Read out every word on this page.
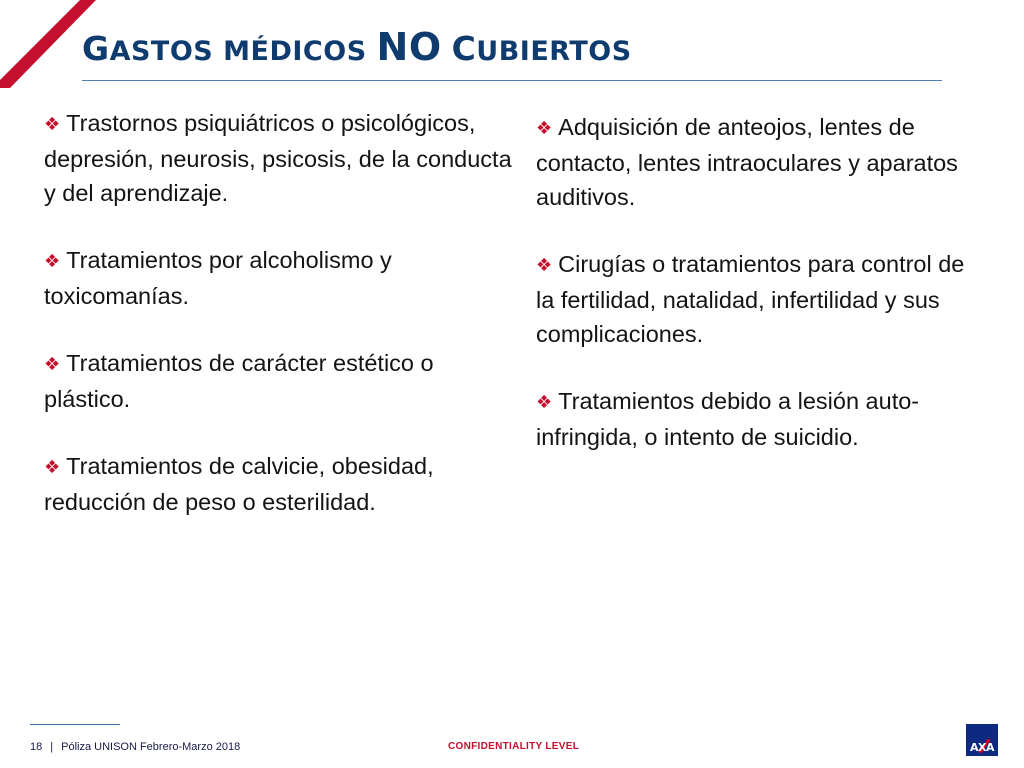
GASTOS MÉDICOS NO CUBIERTOS

❖ Trastornos psiquiátricos o psicológicos, depresión, neurosis, psicosis, de la conducta y del aprendizaje.

❖ Tratamientos por alcoholismo y toxicomanías.

❖ Tratamientos de carácter estético o plástico.

❖ Tratamientos de calvicie, obesidad, reducción de peso o esterilidad.

❖ Adquisición de anteojos, lentes de contacto, lentes intraoculares y aparatos auditivos.

❖ Cirugías o tratamientos para control de la fertilidad, natalidad, infertilidad y sus complicaciones.

❖ Tratamientos debido a lesión auto-infringida, o intento de suicidio.

18 | Póliza UNISON Febrero-Marzo 2018	CONFIDENTIALITY LEVEL	AXA
